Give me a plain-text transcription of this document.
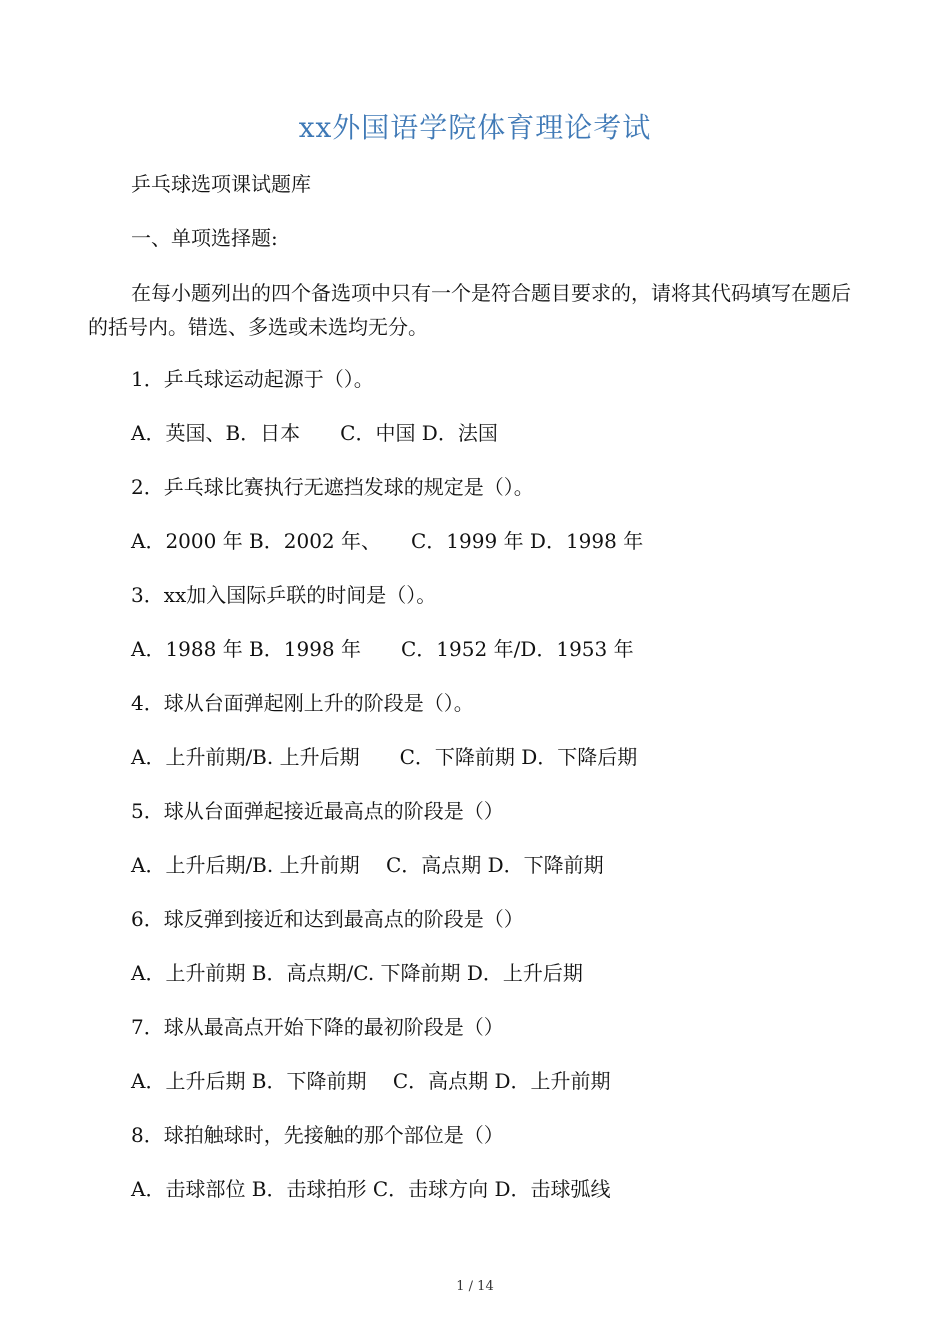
xx外国语学院体育理论考试
乒乓球选项课试题库
一、单项选择题:
在每小题列出的四个备选项中只有一个是符合题目要求的，请将其代码填写在题后的括号内。错选、多选或未选均无分。
1．乒乓球运动起源于（）。
A．英国、B．日本　　C．中国 D．法国
2．乒乓球比赛执行无遮挡发球的规定是（）。
A．2000 年 B．2002 年、　　C．1999 年 D．1998 年
3．xx加入国际乒联的时间是（）。
A．1988 年 B．1998 年　　C．1952 年/D．1953 年
4．球从台面弹起刚上升的阶段是（）。
A．上升前期/B. 上升后期　　C．下降前期 D．下降后期
5．球从台面弹起接近最高点的阶段是（）
A．上升后期/B. 上升前期　 C．高点期 D．下降前期
6．球反弹到接近和达到最高点的阶段是（）
A．上升前期 B．高点期/C. 下降前期 D．上升后期
7．球从最高点开始下降的最初阶段是（）
A．上升后期 B．下降前期　 C．高点期 D．上升前期
8．球拍触球时，先接触的那个部位是（）
A．击球部位 B．击球拍形 C．击球方向 D．击球弧线
1 / 14
